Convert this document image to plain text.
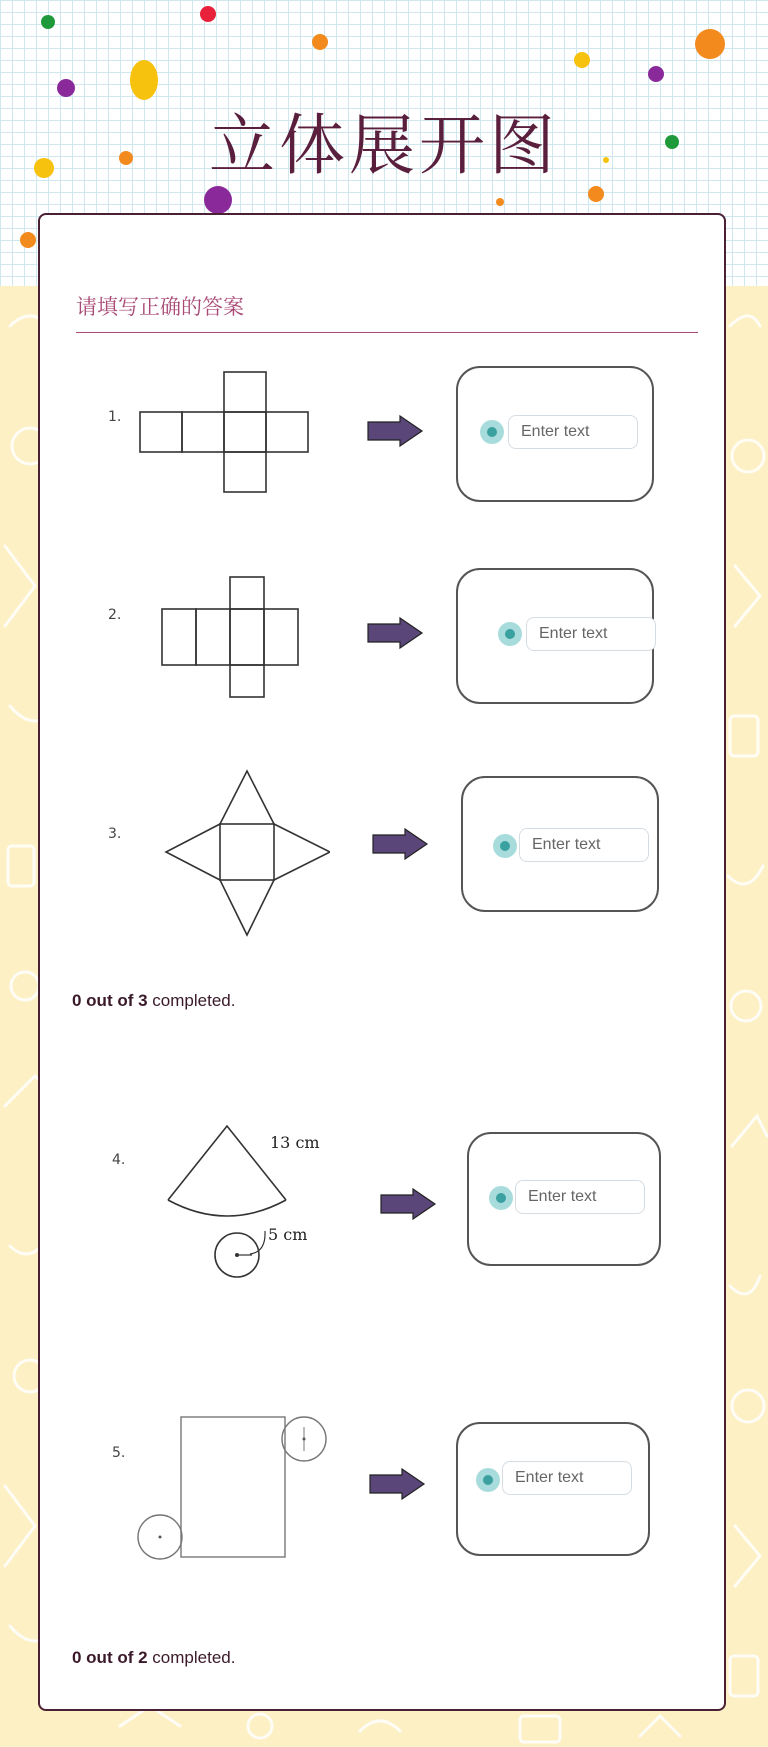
立体展开图
请填写正确的答案
1.
Enter text
2.
Enter text
3.
Enter text
0 out of 3 completed.
4.
13 cm
5 cm
Enter text
5.
Enter text
0 out of 2 completed.
